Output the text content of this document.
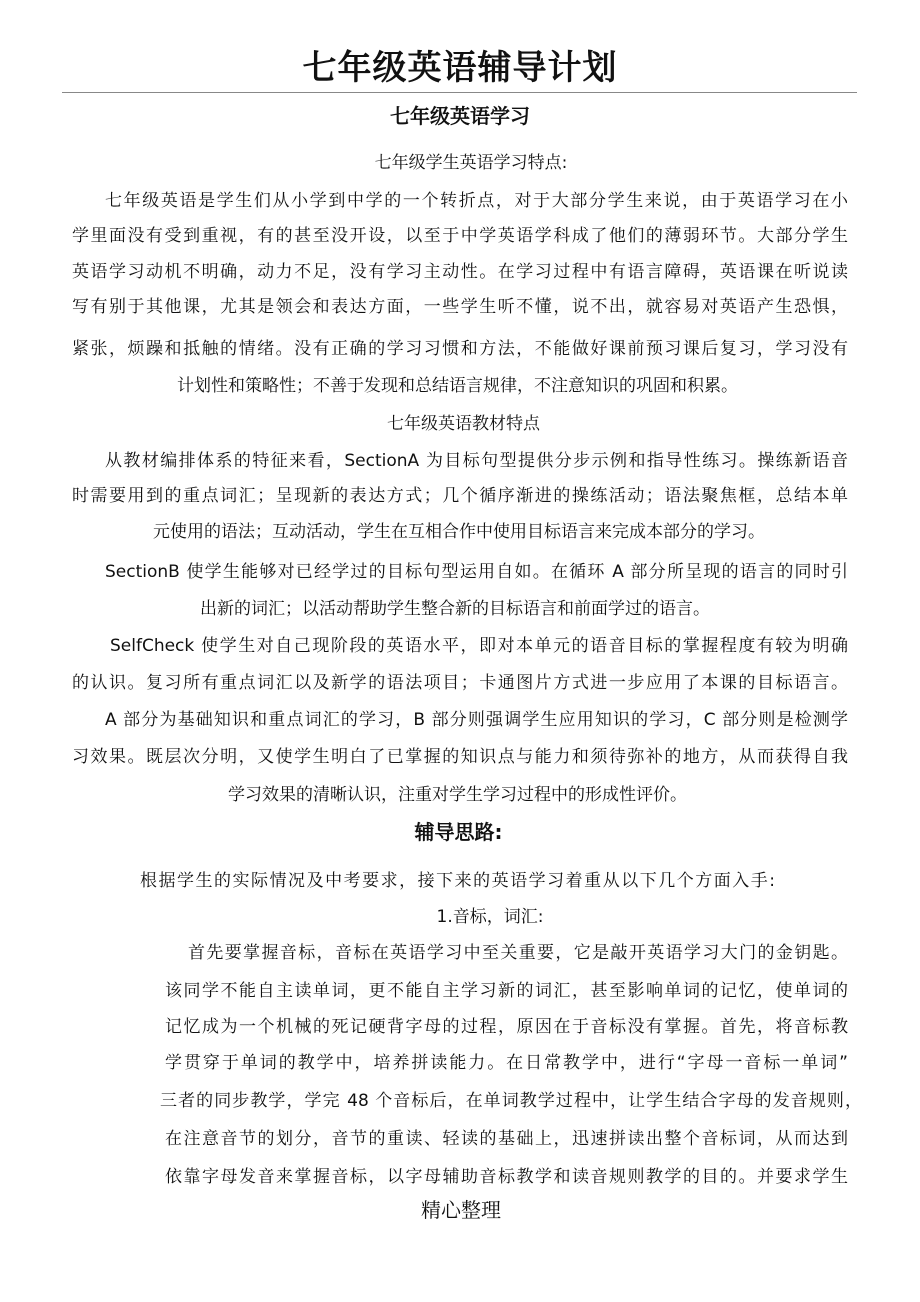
七年级英语辅导计划
七年级英语学习
七年级学生英语学习特点:
七年级英语是学生们从小学到中学的一个转折点，对于大部分学生来说，由于英语学习在小
学里面没有受到重视，有的甚至没开设，以至于中学英语学科成了他们的薄弱环节。大部分学生
英语学习动机不明确，动力不足，没有学习主动性。在学习过程中有语言障碍，英语课在听说读
写有别于其他课，尤其是领会和表达方面，一些学生听不懂，说不出，就容易对英语产生恐惧，
紧张，烦躁和抵触的情绪。没有正确的学习习惯和方法，不能做好课前预习课后复习，学习没有
计划性和策略性；不善于发现和总结语言规律，不注意知识的巩固和积累。
七年级英语教材特点
从教材编排体系的特征来看，SectionA 为目标句型提供分步示例和指导性练习。操练新语音
时需要用到的重点词汇；呈现新的表达方式；几个循序渐进的操练活动；语法聚焦框，总结本单
元使用的语法；互动活动，学生在互相合作中使用目标语言来完成本部分的学习。
SectionB 使学生能够对已经学过的目标句型运用自如。在循环 A 部分所呈现的语言的同时引
出新的词汇；以活动帮助学生整合新的目标语言和前面学过的语言。
SelfCheck 使学生对自己现阶段的英语水平，即对本单元的语音目标的掌握程度有较为明确
的认识。复习所有重点词汇以及新学的语法项目；卡通图片方式进一步应用了本课的目标语言。
A 部分为基础知识和重点词汇的学习，B 部分则强调学生应用知识的学习，C 部分则是检测学
习效果。既层次分明，又使学生明白了已掌握的知识点与能力和须待弥补的地方，从而获得自我
学习效果的清晰认识，注重对学生学习过程中的形成性评价。
辅导思路:
根据学生的实际情况及中考要求，接下来的英语学习着重从以下几个方面入手:
1.音标，词汇:
首先要掌握音标，音标在英语学习中至关重要，它是敲开英语学习大门的金钥匙。
该同学不能自主读单词，更不能自主学习新的词汇，甚至影响单词的记忆，使单词的
记忆成为一个机械的死记硬背字母的过程，原因在于音标没有掌握。首先，将音标教
学贯穿于单词的教学中，培养拼读能力。在日常教学中，进行“字母一音标一单词”
三者的同步教学，学完 48 个音标后，在单词教学过程中，让学生结合字母的发音规则，
在注意音节的划分，音节的重读、轻读的基础上，迅速拼读出整个音标词，从而达到
依靠字母发音来掌握音标，以字母辅助音标教学和读音规则教学的目的。并要求学生
精心整理
